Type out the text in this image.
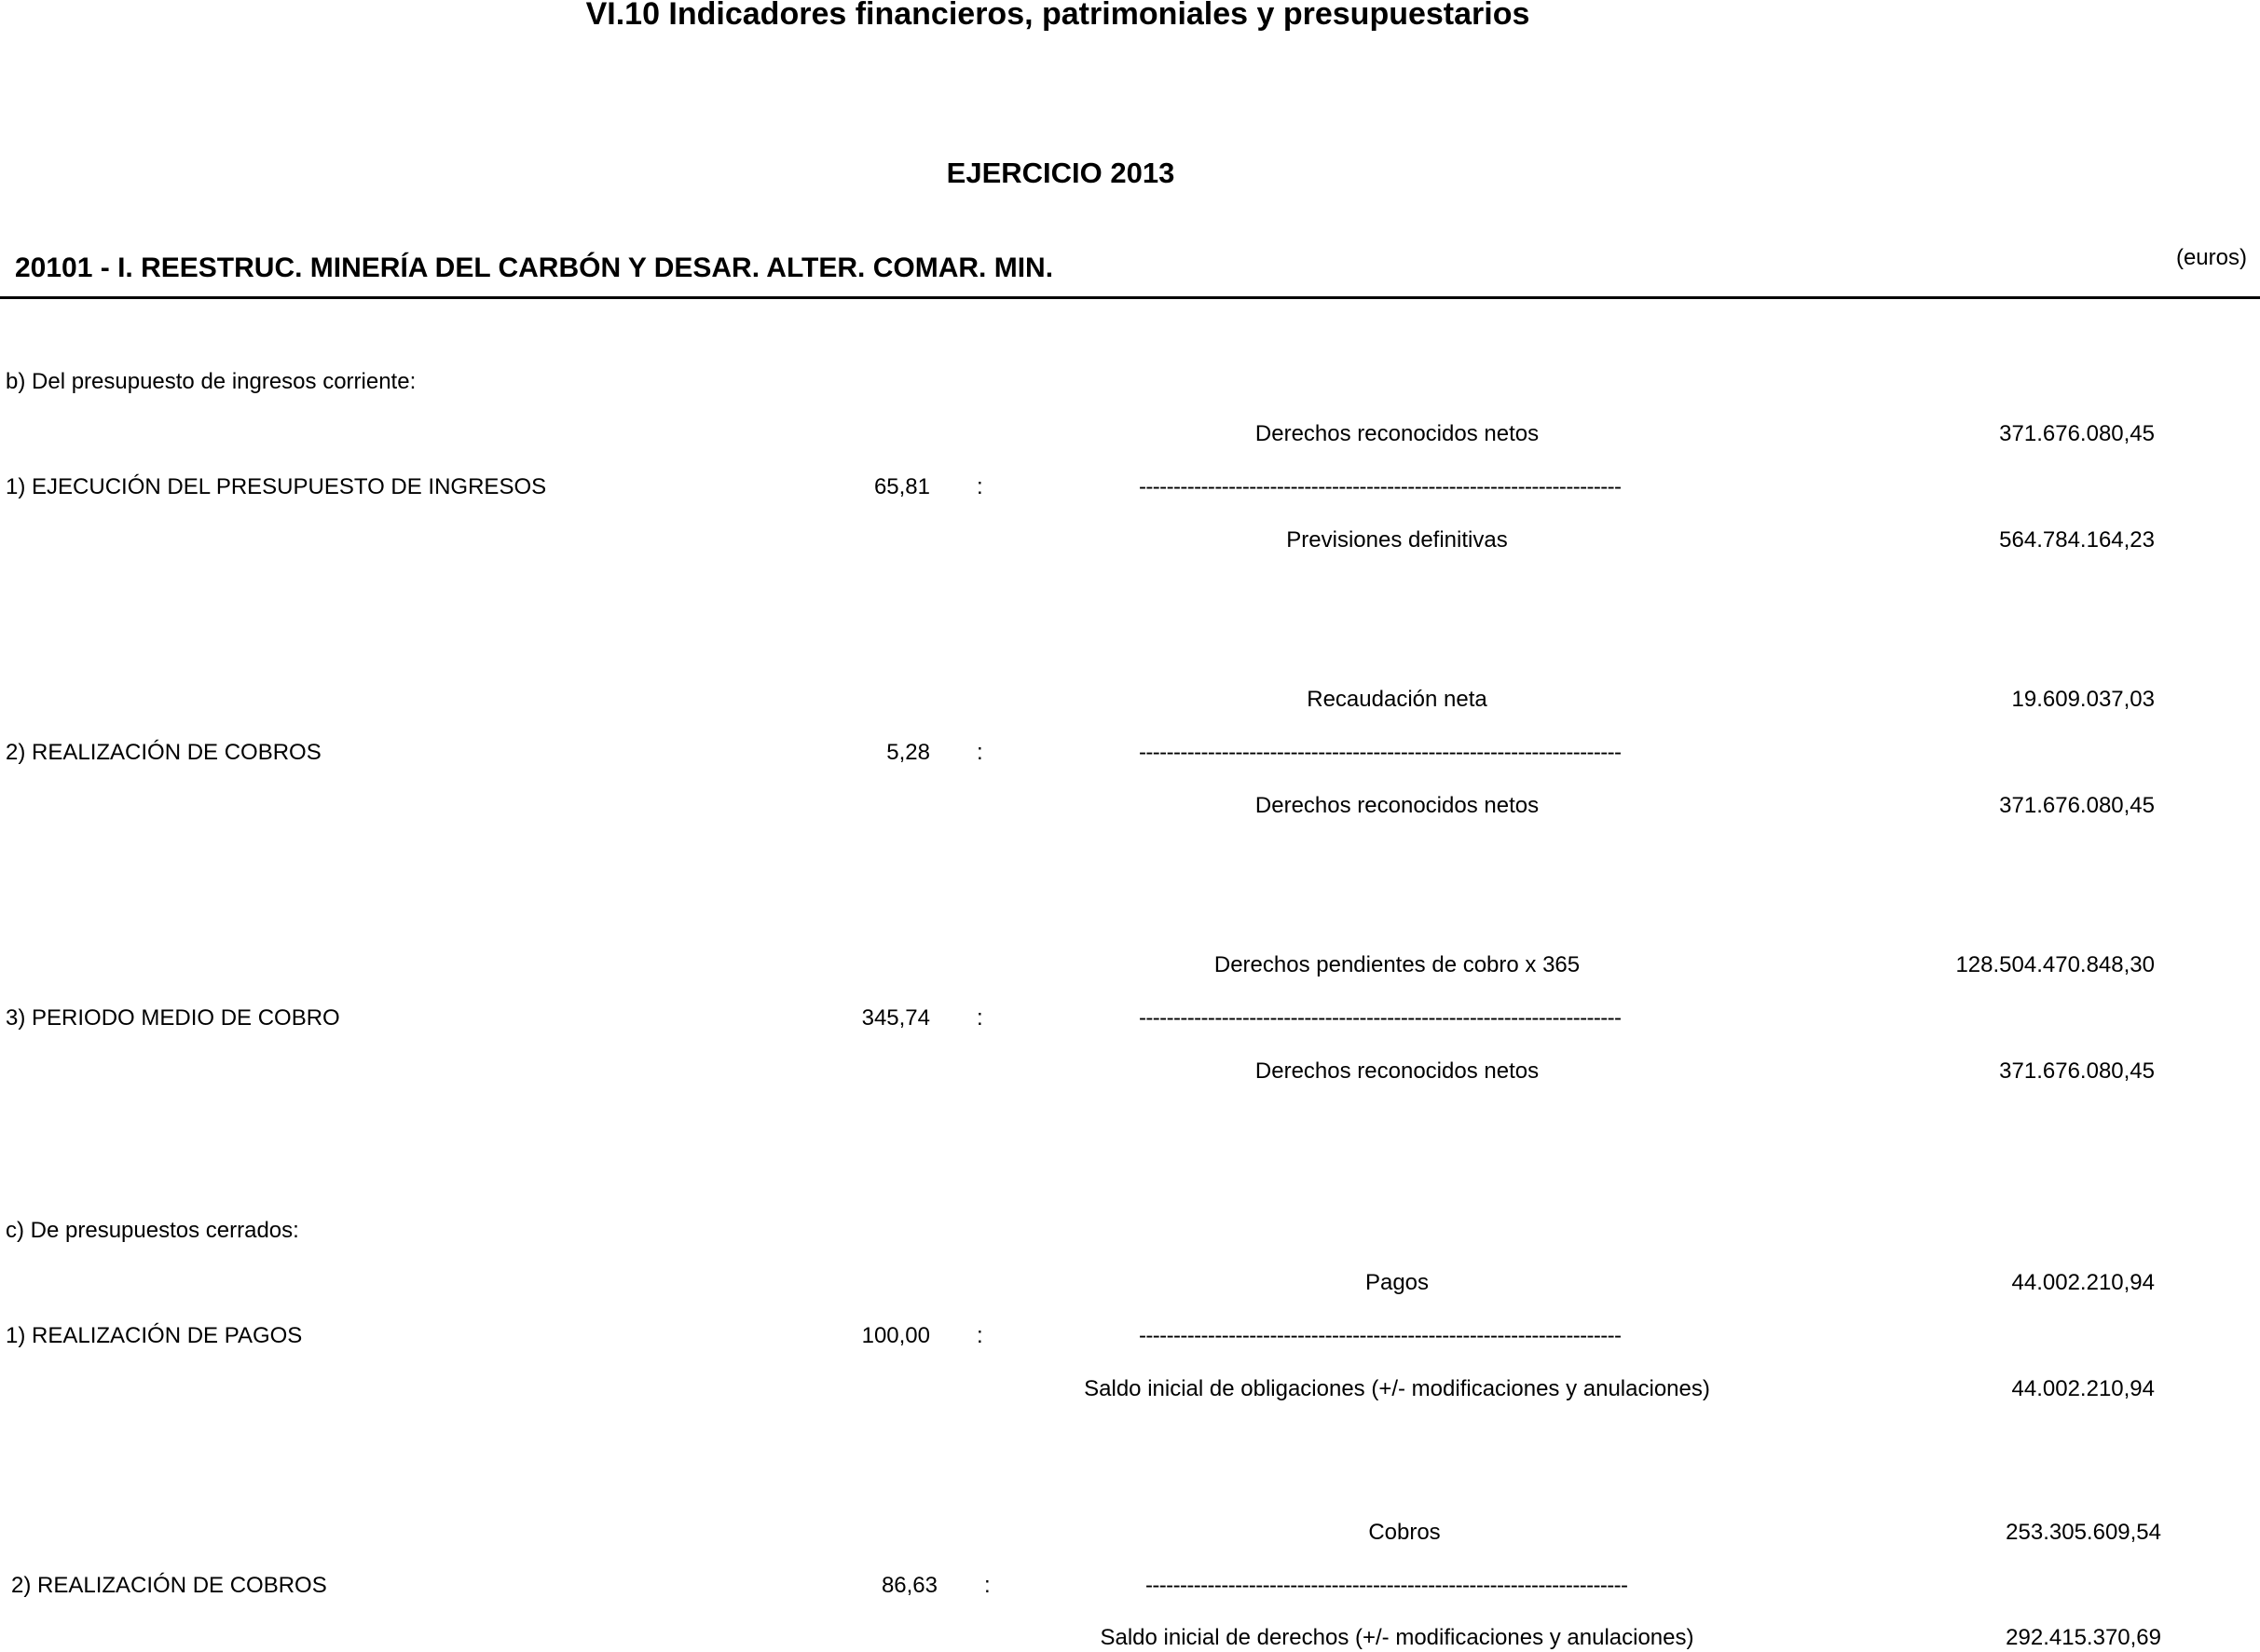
VI.10 Indicadores financieros, patrimoniales y presupuestarios
EJERCICIO 2013
20101 - I. REESTRUC. MINERÍA DEL CARBÓN Y DESAR. ALTER. COMAR. MIN.	(euros)
b) Del presupuesto de ingresos corriente:
Derechos reconocidos netos	371.676.080,45
1) EJECUCIÓN DEL PRESUPUESTO DE INGRESOS	65,81 :	----------------------------------------------------------------------
Previsiones definitivas	564.784.164,23
Recaudación neta	19.609.037,03
2) REALIZACIÓN DE COBROS	5,28 :	----------------------------------------------------------------------
Derechos reconocidos netos	371.676.080,45
Derechos pendientes de cobro x 365	128.504.470.848,30
3) PERIODO MEDIO DE COBRO	345,74 :	----------------------------------------------------------------------
Derechos reconocidos netos	371.676.080,45
c) De presupuestos cerrados:
Pagos	44.002.210,94
1) REALIZACIÓN DE PAGOS	100,00 :	----------------------------------------------------------------------
Saldo inicial de obligaciones (+/- modificaciones y anulaciones)	44.002.210,94
Cobros	253.305.609,54
2) REALIZACIÓN DE COBROS	86,63 :	----------------------------------------------------------------------
Saldo inicial de derechos (+/- modificaciones y anulaciones)	292.415.370,69
